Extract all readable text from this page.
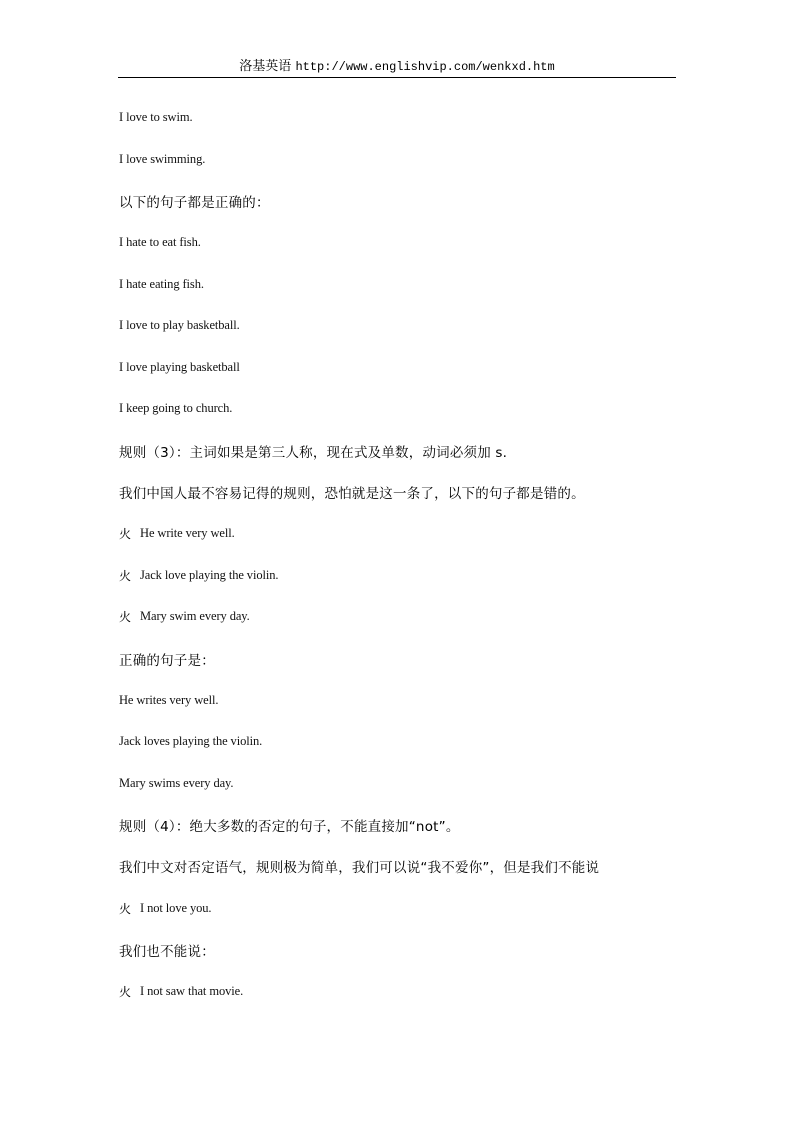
洛基英语 http://www.englishvip.com/wenkxd.htm
I love to swim.
I love swimming.
以下的句子都是正确的：
I hate to eat fish.
I hate eating fish.
I love to play basketball.
I love playing basketball
I keep going to church.
规则（3）：主词如果是第三人称，现在式及单数，动词必须加 s.
我们中国人最不容易记得的规则，恐怕就是这一条了，以下的句子都是错的。
火 He write very well.
火 Jack love playing the violin.
火 Mary swim every day.
正确的句子是：
He writes very well.
Jack loves playing the violin.
Mary swims every day.
规则（4）：绝大多数的否定的句子，不能直接加“not”。
我们中文对否定语气，规则极为简单，我们可以说“我不爱你”，但是我们不能说
火 I not love you.
我们也不能说：
火 I not saw that movie.
